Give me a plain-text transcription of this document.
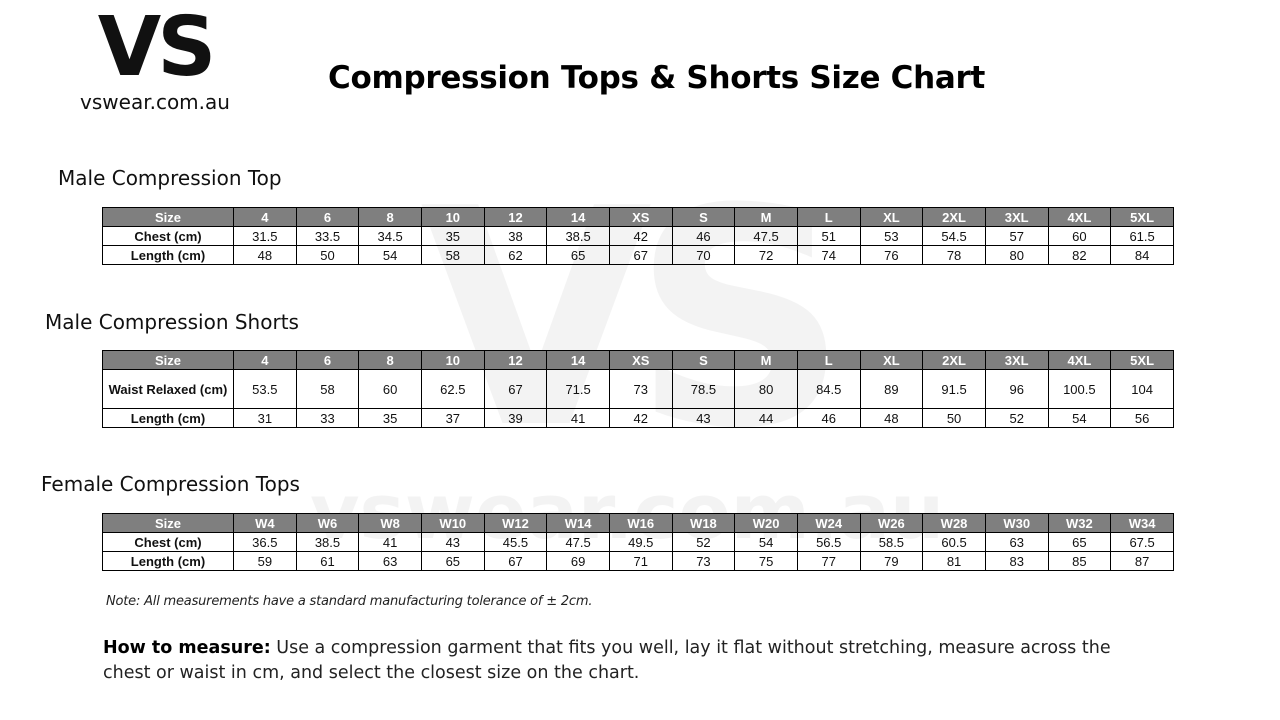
VS
vswear.com.au
Compression Tops & Shorts Size Chart
Male Compression Top
Size	4	6	8	10	12	14	XS	S	M	L	XL	2XL	3XL	4XL	5XL
Chest (cm)	31.5	33.5	34.5	35	38	38.5	42	46	47.5	51	53	54.5	57	60	61.5
Length (cm)	48	50	54	58	62	65	67	70	72	74	76	78	80	82	84
Male Compression Shorts
Size	4	6	8	10	12	14	XS	S	M	L	XL	2XL	3XL	4XL	5XL
Waist Relaxed (cm)	53.5	58	60	62.5	67	71.5	73	78.5	80	84.5	89	91.5	96	100.5	104
Length (cm)	31	33	35	37	39	41	42	43	44	46	48	50	52	54	56
Female Compression Tops
Size	W4	W6	W8	W10	W12	W14	W16	W18	W20	W24	W26	W28	W30	W32	W34
Chest (cm)	36.5	38.5	41	43	45.5	47.5	49.5	52	54	56.5	58.5	60.5	63	65	67.5
Length (cm)	59	61	63	65	67	69	71	73	75	77	79	81	83	85	87
Note: All measurements have a standard manufacturing tolerance of ± 2cm.
How to measure: Use a compression garment that fits you well, lay it flat without stretching, measure across the chest or waist in cm, and select the closest size on the chart.
